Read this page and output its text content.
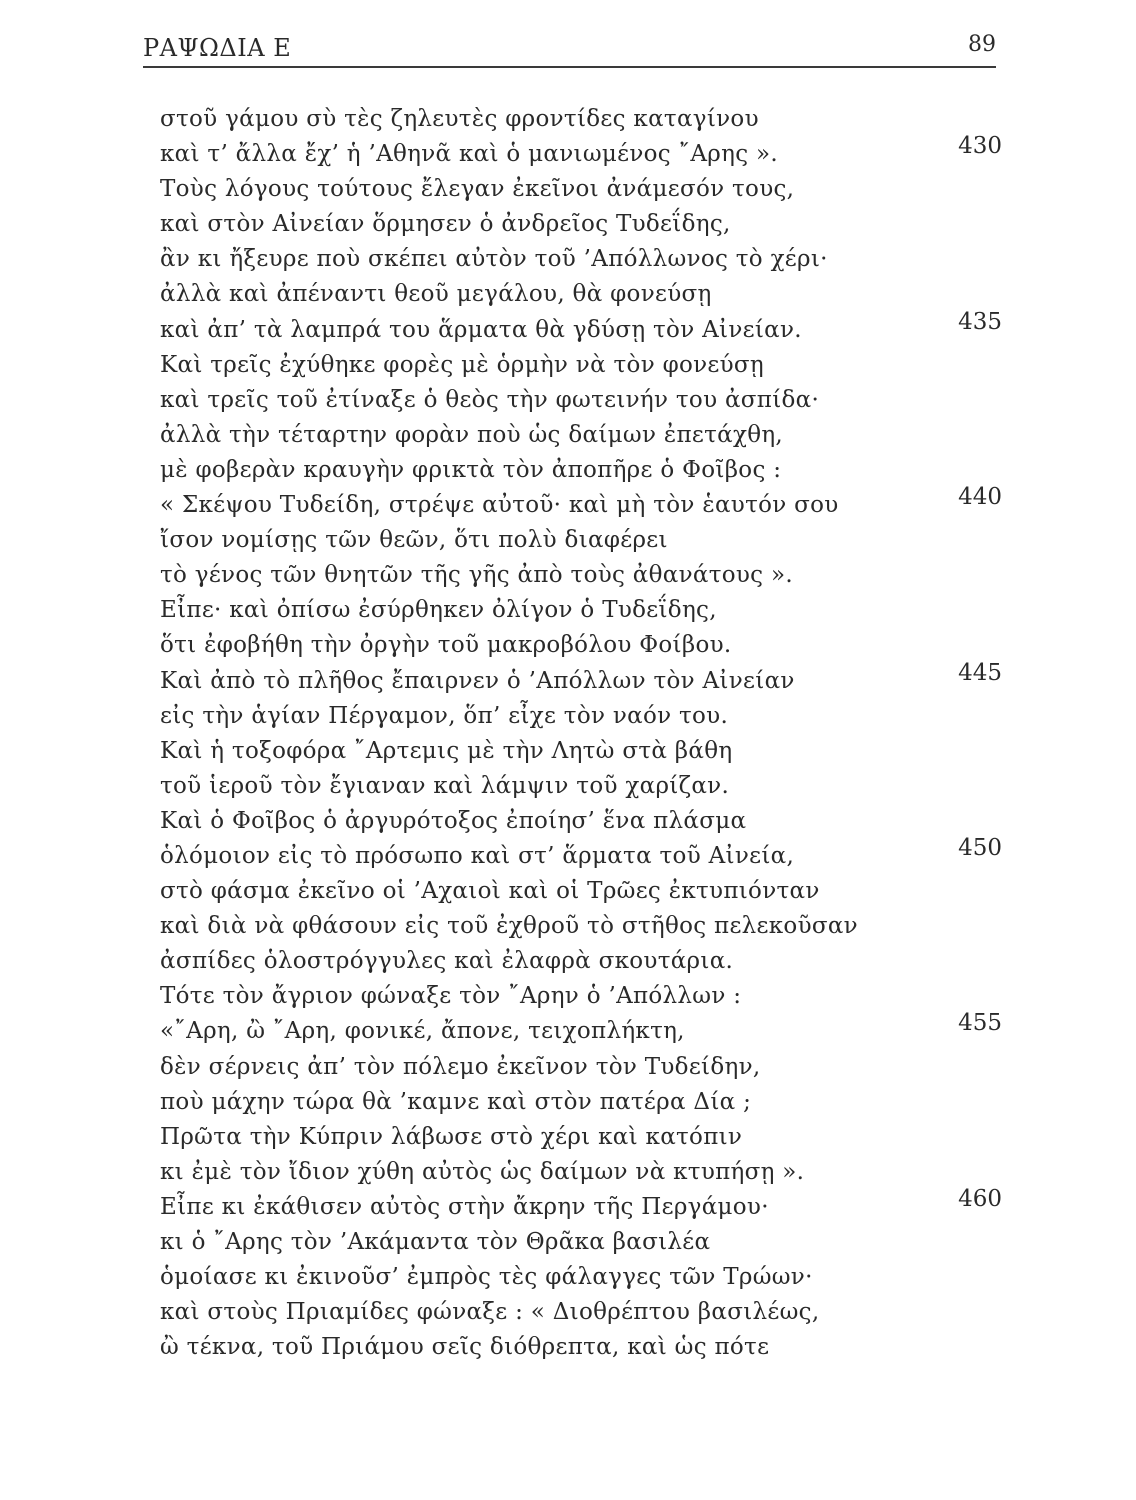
ΡΑΨΩΔΙΑ Ε	89
στοῦ γάμου σὺ τὲς ζηλευτὲς φροντίδες καταγίνου
καὶ τ’ ἄλλα ἔχ’ ἡ ’Αθηνᾶ καὶ ὁ μανιωμένος ῎Αρης ».	430
Τοὺς λόγους τούτους ἔλεγαν ἐκεῖνοι ἀνάμεσόν τους,
καὶ στὸν Αἰνείαν ὅρμησεν ὁ ἀνδρεῖος Τυδεΐδης,
ἂν κι ἤξευρε ποὺ σκέπει αὐτὸν τοῦ ’Απόλλωνος τὸ χέρι·
ἀλλὰ καὶ ἀπέναντι θεοῦ μεγάλου, θὰ φονεύσῃ
καὶ ἀπ’ τὰ λαμπρά του ἅρματα θὰ γδύσῃ τὸν Αἰνείαν.	435
Καὶ τρεῖς ἐχύθηκε φορὲς μὲ ὁρμὴν νὰ τὸν φονεύσῃ
καὶ τρεῖς τοῦ ἐτίναξε ὁ θεὸς τὴν φωτεινήν του ἀσπίδα·
ἀλλὰ τὴν τέταρτην φορὰν ποὺ ὡς δαίμων ἐπετάχθη,
μὲ φοβερὰν κραυγὴν φρικτὰ τὸν ἀποπῆρε ὁ Φοῖβος :
« Σκέψου Τυδείδη, στρέψε αὐτοῦ· καὶ μὴ τὸν ἑαυτόν σου	440
ἴσον νομίσῃς τῶν θεῶν, ὅτι πολὺ διαφέρει
τὸ γένος τῶν θνητῶν τῆς γῆς ἀπὸ τοὺς ἀθανάτους ».
Εἶπε· καὶ ὀπίσω ἐσύρθηκεν ὀλίγον ὁ Τυδεΐδης,
ὅτι ἐφοβήθη τὴν ὀργὴν τοῦ μακροβόλου Φοίβου.
Καὶ ἀπὸ τὸ πλῆθος ἔπαιρνεν ὁ ’Απόλλων τὸν Αἰνείαν	445
εἰς τὴν ἁγίαν Πέργαμον, ὅπ’ εἶχε τὸν ναόν του.
Καὶ ἡ τοξοφόρα ῎Αρτεμις μὲ τὴν Λητὼ στὰ βάθη
τοῦ ἱεροῦ τὸν ἔγιαναν καὶ λάμψιν τοῦ χαρίζαν.
Καὶ ὁ Φοῖβος ὁ ἀργυρότοξος ἐποίησ’ ἕνα πλάσμα
ὁλόμοιον εἰς τὸ πρόσωπο καὶ στ’ ἅρματα τοῦ Αἰνεία,	450
στὸ φάσμα ἐκεῖνο οἱ ’Αχαιοὶ καὶ οἱ Τρῶες ἐκτυπιόνταν
καὶ διὰ νὰ φθάσουν εἰς τοῦ ἐχθροῦ τὸ στῆθος πελεκοῦσαν
ἀσπίδες ὁλοστρόγγυλες καὶ ἐλαφρὰ σκουτάρια.
Τότε τὸν ἄγριον φώναξε τὸν ῎Αρην ὁ ’Απόλλων :
«῎Αρη, ὢ ῎Αρη, φονικέ, ἄπονε, τειχοπλήκτη,	455
δὲν σέρνεις ἀπ’ τὸν πόλεμο ἐκεῖνον τὸν Τυδείδην,
ποὺ μάχην τώρα θὰ ’καμνε καὶ στὸν πατέρα Δία ;
Πρῶτα τὴν Κύπριν λάβωσε στὸ χέρι καὶ κατόπιν
κι ἐμὲ τὸν ἴδιον χύθη αὐτὸς ὡς δαίμων νὰ κτυπήσῃ ».
Εἶπε κι ἐκάθισεν αὐτὸς στὴν ἄκρην τῆς Περγάμου·	460
κι ὁ ῎Αρης τὸν ’Ακάμαντα τὸν Θρᾶκα βασιλέα
ὁμοίασε κι ἐκινοῦσ’ ἐμπρὸς τὲς φάλαγγες τῶν Τρώων·
καὶ στοὺς Πριαμίδες φώναξε : « Διοθρέπτου βασιλέως,
ὢ τέκνα, τοῦ Πριάμου σεῖς διόθρεπτα, καὶ ὡς πότε
